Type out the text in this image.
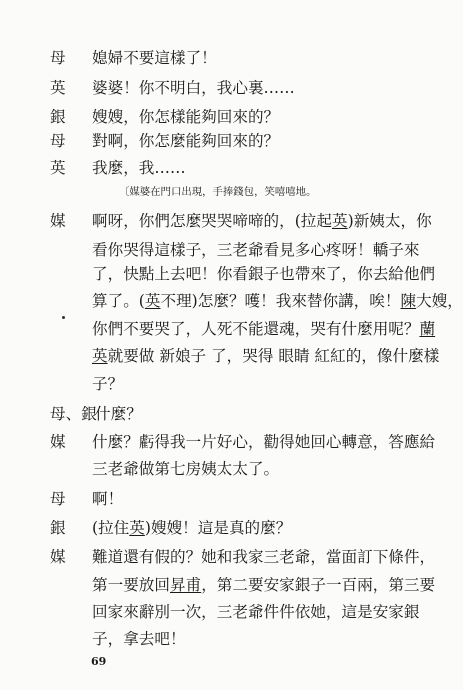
母 媳婦不要這樣了！
英 婆婆！你不明白，我心裏……
銀 嫂嫂，你怎樣能夠回來的？
母 對啊，你怎麼能夠回來的？
英 我麼，我……
〔媒婆在門口出現，手捧錢包，笑嘻嘻地。
媒 啊呀，你們怎麼哭哭啼啼的，(拉起英)新姨太，你
看你哭得這樣子，三老爺看見多心疼呀！轎子來
了，快點上去吧！你看銀子也帶來了，你去給他們
算了。(英不理)怎麼？嚄！我來替你講，唉！陳大嫂，
你們不要哭了，人死不能還魂，哭有什麼用呢？蘭
英就要做 新娘子 了，哭得 眼睛 紅紅的，像什麼樣
子？
母、銀
什麼？
媒 什麼？虧得我一片好心，勸得她回心轉意，答應給
三老爺做第七房姨太太了。
母 啊！
銀 (拉住英)嫂嫂！這是真的麼？
媒 難道還有假的？她和我家三老爺，當面訂下條件，
第一要放回昇甫，第二要安家銀子一百兩，第三要
回家來辭別一次，三老爺件件依她，這是安家銀
子，拿去吧！
69
